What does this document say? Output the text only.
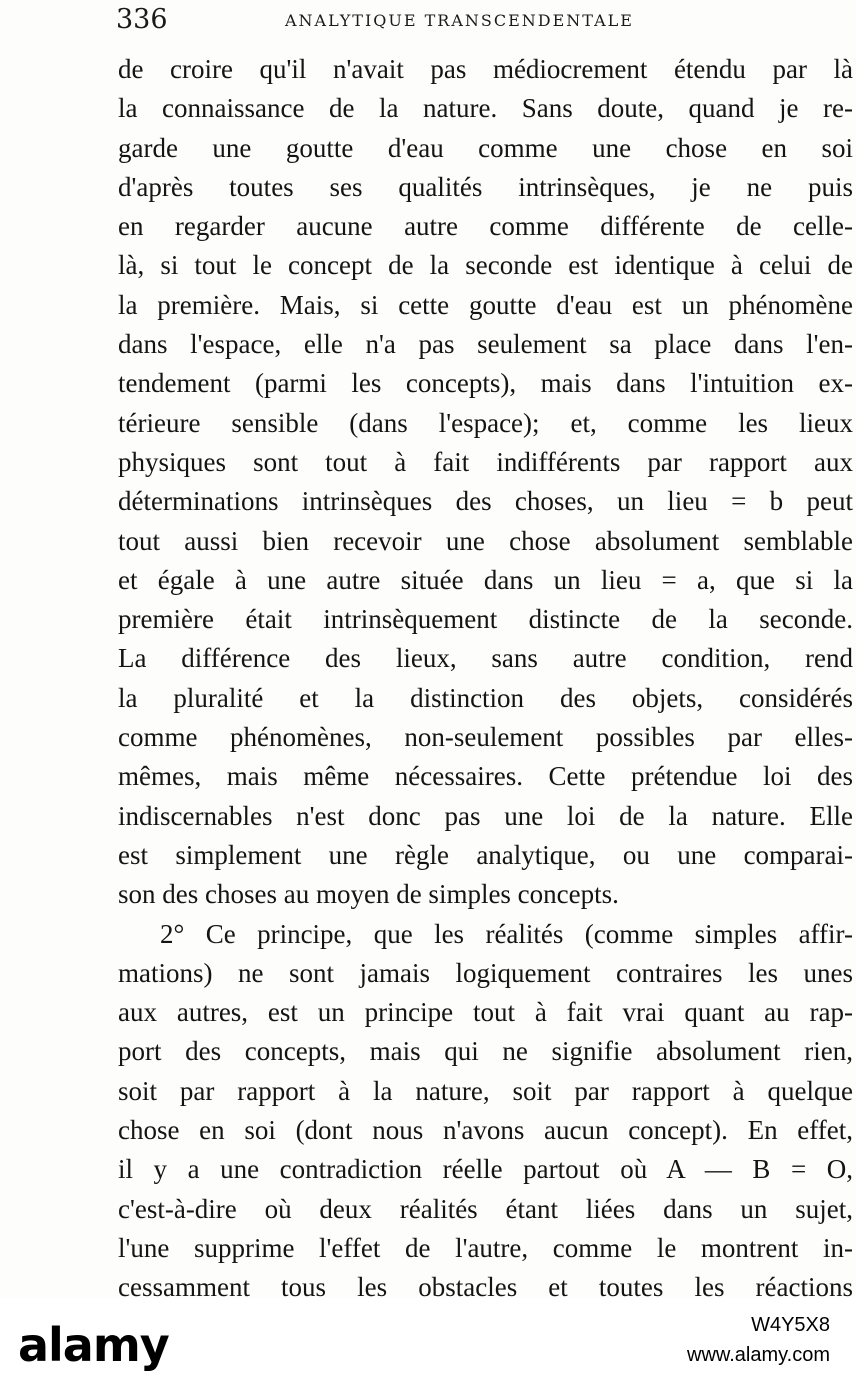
336	ANALYTIQUE TRANSCENDENTALE
de croire qu'il n'avait pas médiocrement étendu par là
la connaissance de la nature. Sans doute, quand je re-
garde une goutte d'eau comme une chose en soi
d'après toutes ses qualités intrinsèques, je ne puis
en regarder aucune autre comme différente de celle-
là, si tout le concept de la seconde est identique à celui de
la première. Mais, si cette goutte d'eau est un phénomène
dans l'espace, elle n'a pas seulement sa place dans l'en-
tendement (parmi les concepts), mais dans l'intuition ex-
térieure sensible (dans l'espace); et, comme les lieux
physiques sont tout à fait indifférents par rapport aux
déterminations intrinsèques des choses, un lieu = b peut
tout aussi bien recevoir une chose absolument semblable
et égale à une autre située dans un lieu = a, que si la
première était intrinsèquement distincte de la seconde.
La différence des lieux, sans autre condition, rend
la pluralité et la distinction des objets, considérés
comme phénomènes, non-seulement possibles par elles-
mêmes, mais même nécessaires. Cette prétendue loi des
indiscernables n'est donc pas une loi de la nature. Elle
est simplement une règle analytique, ou une comparai-
son des choses au moyen de simples concepts.
2° Ce principe, que les réalités (comme simples affir-
mations) ne sont jamais logiquement contraires les unes
aux autres, est un principe tout à fait vrai quant au rap-
port des concepts, mais qui ne signifie absolument rien,
soit par rapport à la nature, soit par rapport à quelque
chose en soi (dont nous n'avons aucun concept). En effet,
il y a une contradiction réelle partout où A — B = O,
c'est-à-dire où deux réalités étant liées dans un sujet,
l'une supprime l'effet de l'autre, comme le montrent in-
cessamment tous les obstacles et toutes les réactions
alamy	W4Y5X8
www.alamy.com
